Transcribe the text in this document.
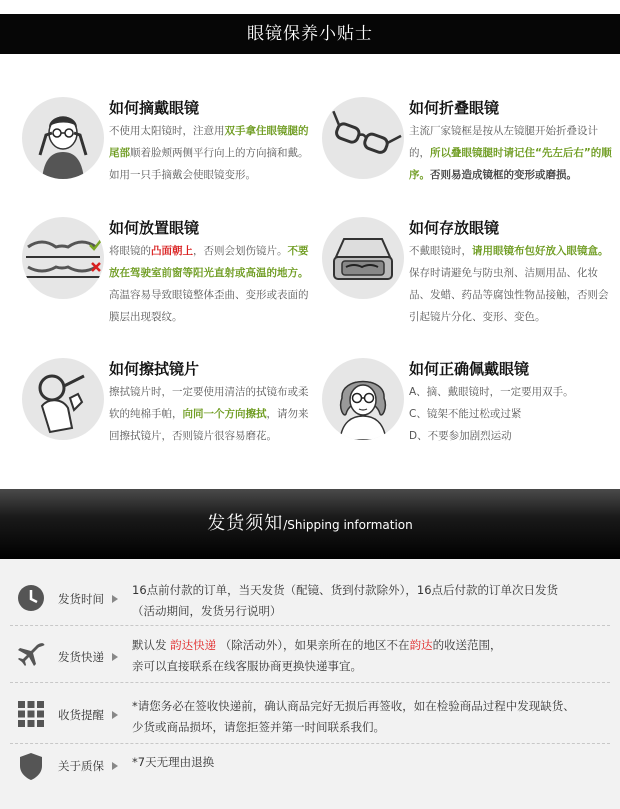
眼镜保养小贴士
如何摘戴眼镜
不使用太阳镜时，注意用双手拿住眼镜腿的尾部顺着脸颊两侧平行向上的方向摘和戴。如用一只手摘戴会使眼镜变形。
如何折叠眼镜
主流厂家镜框是按从左镜腿开始折叠设计的，所以叠眼镜腿时请记住“先左后右”的顺序。否则易造成镜框的变形或磨损。
如何放置眼镜
将眼镜的凸面朝上，否则会划伤镜片。不要放在驾驶室前窗等阳光直射或高温的地方。高温容易导致眼镜整体歪曲、变形或表面的膜层出现裂纹。
如何存放眼镜
不戴眼镜时，请用眼镜布包好放入眼镜盒。保存时请避免与防虫剂、洁厕用品、化妆品、发蜡、药品等腐蚀性物品接触，否则会引起镜片分化、变形、变色。
如何擦拭镜片
擦拭镜片时，一定要使用清洁的拭镜布或柔软的纯棉手帕，向同一个方向擦拭，请勿来回擦拭镜片，否则镜片很容易磨花。
如何正确佩戴眼镜
A、摘、戴眼镜时，一定要用双手。
C、镜架不能过松或过紧
D、不要参加剧烈运动
发货须知/Shipping information
发货时间
16点前付款的订单，当天发货（配镜、货到付款除外），16点后付款的订单次日发货
（活动期间，发货另行说明）
发货快递
默认发 韵达快递 （除活动外），如果亲所在的地区不在韵达的收送范围，
亲可以直接联系在线客服协商更换快递事宜。
收货提醒
*请您务必在签收快递前，确认商品完好无损后再签收，如在检验商品过程中发现缺货、
少货或商品损坏，请您拒签并第一时间联系我们。
关于质保 *7天无理由退换
